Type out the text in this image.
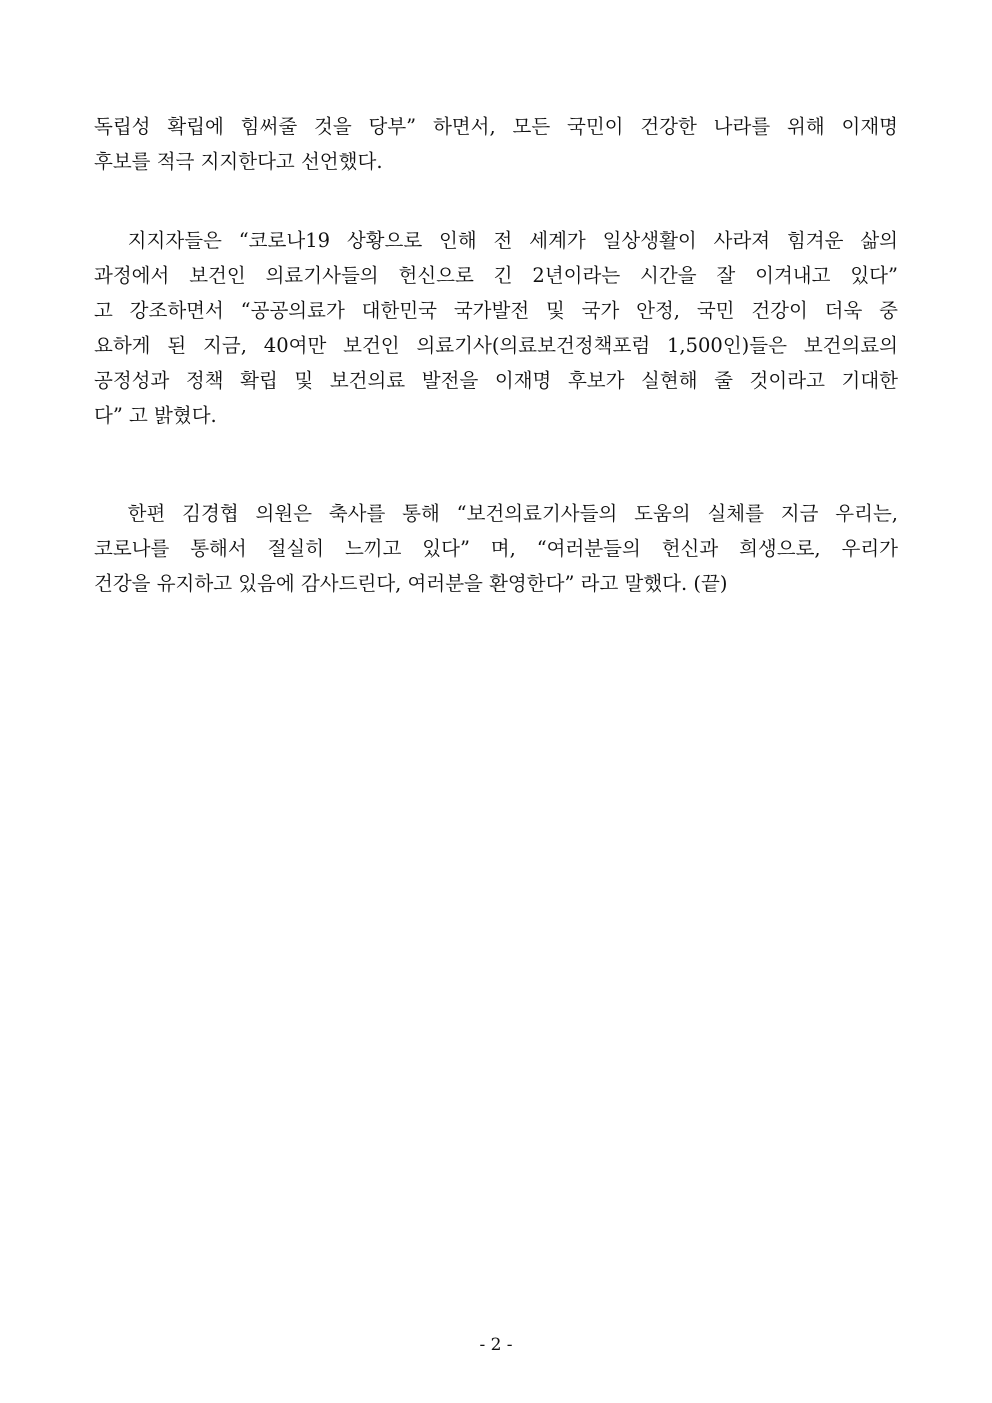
독립성 확립에 힘써줄 것을 당부” 하면서, 모든 국민이 건강한 나라를 위해 이재명
후보를 적극 지지한다고 선언했다.
지지자들은 “코로나19 상황으로 인해 전 세계가 일상생활이 사라져 힘겨운 삶의
과정에서 보건인 의료기사들의 헌신으로 긴 2년이라는 시간을 잘 이겨내고 있다”
고 강조하면서 “공공의료가 대한민국 국가발전 및 국가 안정, 국민 건강이 더욱 중
요하게 된 지금, 40여만 보건인 의료기사(의료보건정책포럼 1,500인)들은 보건의료의
공정성과 정책 확립 및 보건의료 발전을 이재명 후보가 실현해 줄 것이라고 기대한
다” 고 밝혔다.
한편 김경협 의원은 축사를 통해 “보건의료기사들의 도움의 실체를 지금 우리는,
코로나를 통해서 절실히 느끼고 있다” 며, “여러분들의 헌신과 희생으로, 우리가
건강을 유지하고 있음에 감사드린다, 여러분을 환영한다” 라고 말했다. (끝)
- 2 -
